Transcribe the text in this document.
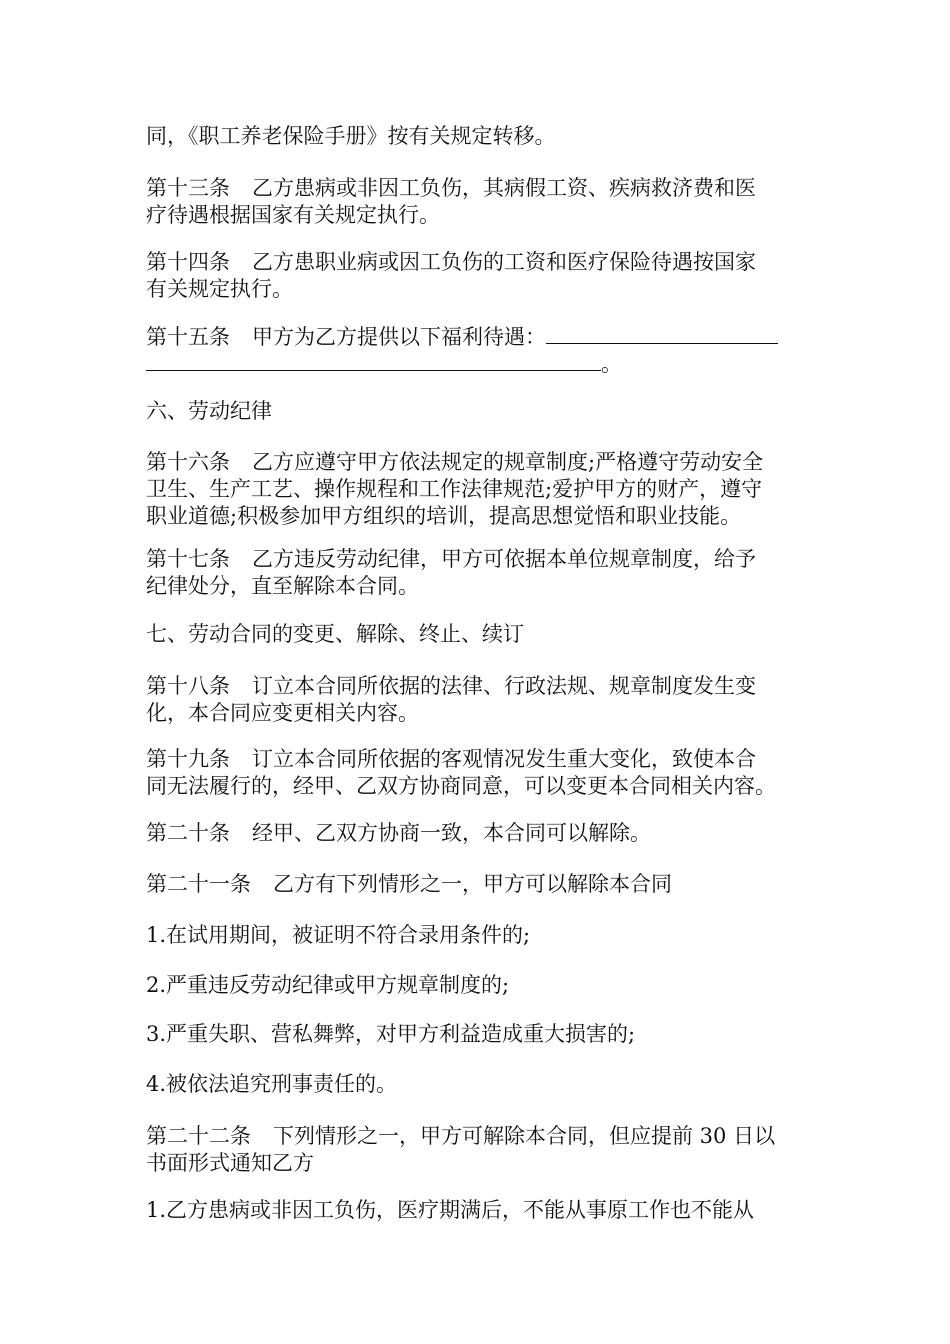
同，《职工养老保险手册》按有关规定转移。
第十三条 乙方患病或非因工负伤，其病假工资、疾病救济费和医
疗待遇根据国家有关规定执行。
第十四条 乙方患职业病或因工负伤的工资和医疗保险待遇按国家
有关规定执行。
第十五条 甲方为乙方提供以下福利待遇：
。
六、劳动纪律
第十六条 乙方应遵守甲方依法规定的规章制度;严格遵守劳动安全
卫生、生产工艺、操作规程和工作法律规范;爱护甲方的财产，遵守
职业道德;积极参加甲方组织的培训，提高思想觉悟和职业技能。
第十七条 乙方违反劳动纪律，甲方可依据本单位规章制度，给予
纪律处分，直至解除本合同。
七、劳动合同的变更、解除、终止、续订
第十八条 订立本合同所依据的法律、行政法规、规章制度发生变
化，本合同应变更相关内容。
第十九条 订立本合同所依据的客观情况发生重大变化，致使本合
同无法履行的，经甲、乙双方协商同意，可以变更本合同相关内容。
第二十条 经甲、乙双方协商一致，本合同可以解除。
第二十一条 乙方有下列情形之一，甲方可以解除本合同
1.在试用期间，被证明不符合录用条件的;
2.严重违反劳动纪律或甲方规章制度的;
3.严重失职、营私舞弊，对甲方利益造成重大损害的;
4.被依法追究刑事责任的。
第二十二条 下列情形之一，甲方可解除本合同，但应提前 30 日以
书面形式通知乙方
1.乙方患病或非因工负伤，医疗期满后，不能从事原工作也不能从
